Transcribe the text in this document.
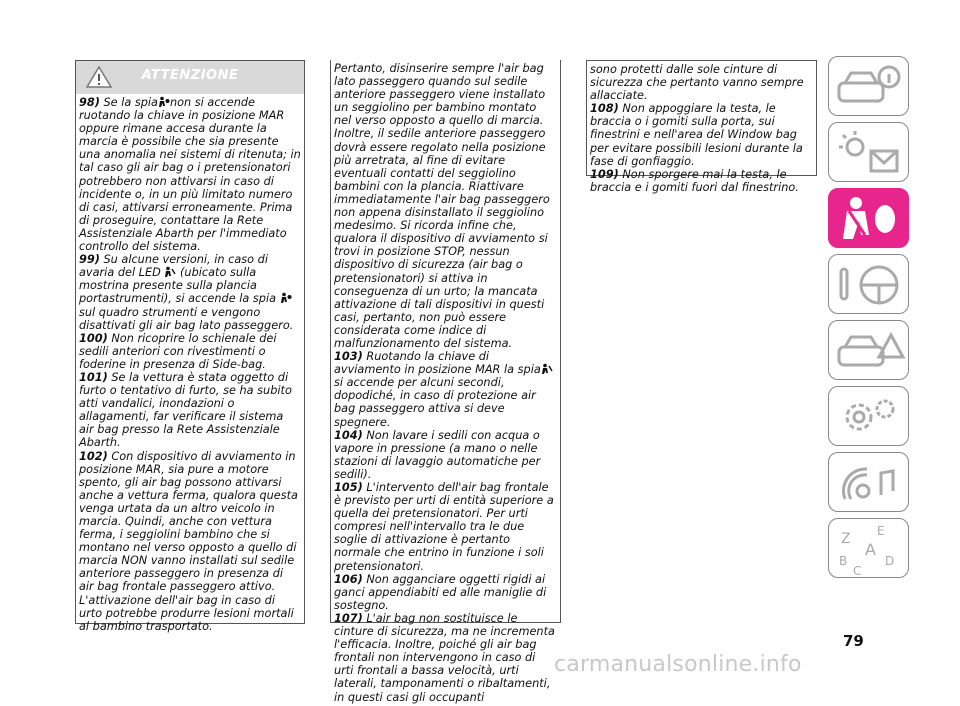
ATTENZIONE

98) Se la spia non si accende ruotando la chiave in posizione MAR oppure rimane accesa durante la marcia è possibile che sia presente una anomalia nei sistemi di ritenuta; in tal caso gli air bag o i pretensionatori potrebbero non attivarsi in caso di incidente o, in un più limitato numero di casi, attivarsi erroneamente. Prima di proseguire, contattare la Rete Assistenziale Abarth per l'immediato controllo del sistema.

99) Su alcune versioni, in caso di avaria del LED (ubicato sulla mostrina presente sulla plancia portastrumenti), si accende la spia  sul quadro strumenti e vengono disattivati gli air bag lato passeggero.

100) Non ricoprire lo schienale dei sedili anteriori con rivestimenti o foderine in presenza di Side-bag.

101) Se la vettura è stata oggetto di furto o tentativo di furto, se ha subito atti vandalici, inondazioni o allagamenti, far verificare il sistema air bag presso la Rete Assistenziale Abarth.

102) Con dispositivo di avviamento in posizione MAR, sia pure a motore spento, gli air bag possono attivarsi anche a vettura ferma, qualora questa venga urtata da un altro veicolo in marcia. Quindi, anche con vettura ferma, i seggiolini bambino che si montano nel verso opposto a quello di marcia NON vanno installati sul sedile anteriore passeggero in presenza di air bag frontale passeggero attivo. L'attivazione dell'air bag in caso di urto potrebbe produrre lesioni mortali al bambino trasportato.

Pertanto, disinserire sempre l'air bag lato passeggero quando sul sedile anteriore passeggero viene installato un seggiolino per bambino montato nel verso opposto a quello di marcia. Inoltre, il sedile anteriore passeggero dovrà essere regolato nella posizione più arretrata, al fine di evitare eventuali contatti del seggiolino bambini con la plancia. Riattivare immediatamente l'air bag passeggero non appena disinstallato il seggiolino medesimo. Si ricorda infine che, qualora il dispositivo di avviamento si trovi in posizione STOP, nessun dispositivo di sicurezza (air bag o pretensionatori) si attiva in conseguenza di un urto; la mancata attivazione di tali dispositivi in questi casi, pertanto, non può essere considerata come indice di malfunzionamento del sistema.

103) Ruotando la chiave di avviamento in posizione MAR la spia si accende per alcuni secondi, dopodiché, in caso di protezione air bag passeggero attiva si deve spegnere.

104) Non lavare i sedili con acqua o vapore in pressione (a mano o nelle stazioni di lavaggio automatiche per sedili).

105) L'intervento dell'air bag frontale è previsto per urti di entità superiore a quella dei pretensionatori. Per urti compresi nell'intervallo tra le due soglie di attivazione è pertanto normale che entrino in funzione i soli pretensionatori.

106) Non agganciare oggetti rigidi ai ganci appendiabiti ed alle maniglie di sostegno.

107) L'air bag non sostituisce le cinture di sicurezza, ma ne incrementa l'efficacia. Inoltre, poiché gli air bag frontali non intervengono in caso di urti frontali a bassa velocità, urti laterali, tamponamenti o ribaltamenti, in questi casi gli occupanti

sono protetti dalle sole cinture di sicurezza che pertanto vanno sempre allacciate.

108) Non appoggiare la testa, le braccia o i gomiti sulla porta, sui finestrini e nell'area del Window bag per evitare possibili lesioni durante la fase di gonfiaggio.

109) Non sporgere mai la testa, le braccia e i gomiti fuori dal finestrino.

Z E
A
B	D
C
79
carmanualsonline.info
